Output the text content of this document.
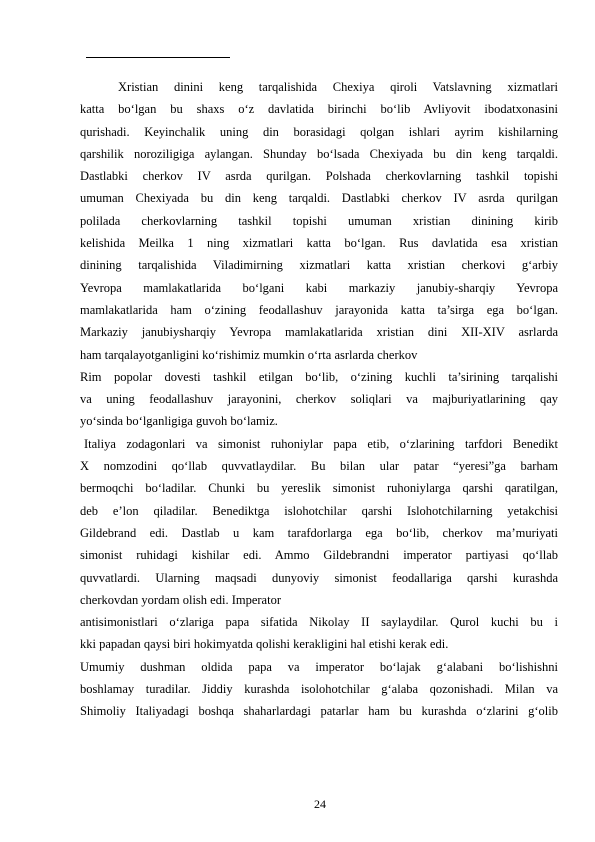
Xristian dinini keng tarqalishida Chexiya qiroli Vatslavning xizmatlari
katta bo‘lgan bu shaxs o‘z davlatida birinchi bo‘lib Avliyovit ibodatxonasini
qurishadi. Keyinchalik uning din borasidagi qolgan ishlari ayrim kishilarning
qarshilik noroziligiga aylangan. Shunday bo‘lsada Chexiyada bu din keng tarqaldi.
Dastlabki cherkov IV asrda qurilgan. Polshada cherkovlarning tashkil topishi
umuman Chexiyada bu din keng tarqaldi. Dastlabki cherkov IV asrda qurilgan
polilada cherkovlarning tashkil topishi umuman xristian dinining kirib
kelishida Meilka 1 ning xizmatlari katta bo‘lgan. Rus davlatida esa xristian
dinining tarqalishida Viladimirning xizmatlari katta xristian cherkovi g‘arbiy
Yevropa mamlakatlarida bo‘lgani kabi markaziy janubiy-sharqiy Yevropa
mamlakatlarida ham o‘zining feodallashuv jarayonida katta ta’sirga ega bo‘lgan.
Markaziy janubiysharqiy Yevropa mamlakatlarida xristian dini XII-XIV asrlarda
ham tarqalayotganligini ko‘rishimiz mumkin o‘rta asrlarda cherkov
Rim popolar dovesti tashkil etilgan bo‘lib, o‘zining kuchli ta’sirining tarqalishi
va uning feodallashuv jarayonini, cherkov soliqlari va majburiyatlarining qay
yo‘sinda bo‘lganligiga guvoh bo‘lamiz.
Italiya zodagonlari va simonist ruhoniylar papa etib, o‘zlarining tarfdori Benedikt
X nomzodini qo‘llab quvvatlaydilar. Bu bilan ular patar “yeresi”ga barham
bermoqchi bo‘ladilar. Chunki bu yereslik simonist ruhoniylarga qarshi qaratilgan,
deb e’lon qiladilar. Benediktga islohotchilar qarshi Islohotchilarning yetakchisi
Gildebrand edi. Dastlab u kam tarafdorlarga ega bo‘lib, cherkov ma’muriyati
simonist ruhidagi kishilar edi. Ammo Gildebrandni imperator partiyasi qo‘llab
quvvatlardi. Ularning maqsadi dunyoviy simonist feodallariga qarshi kurashda
cherkovdan yordam olish edi. Imperator
antisimonistlari o‘zlariga papa sifatida Nikolay II saylaydilar. Qurol kuchi bu i
kki papadan qaysi biri hokimyatda qolishi kerakligini hal etishi kerak edi.
Umumiy dushman oldida papa va imperator bo‘lajak g‘alabani bo‘lishishni
boshlamay turadilar. Jiddiy kurashda isolohotchilar g‘alaba qozonishadi. Milan va
Shimoliy Italiyadagi boshqa shaharlardagi patarlar ham bu kurashda o‘zlarini g‘olib
24
